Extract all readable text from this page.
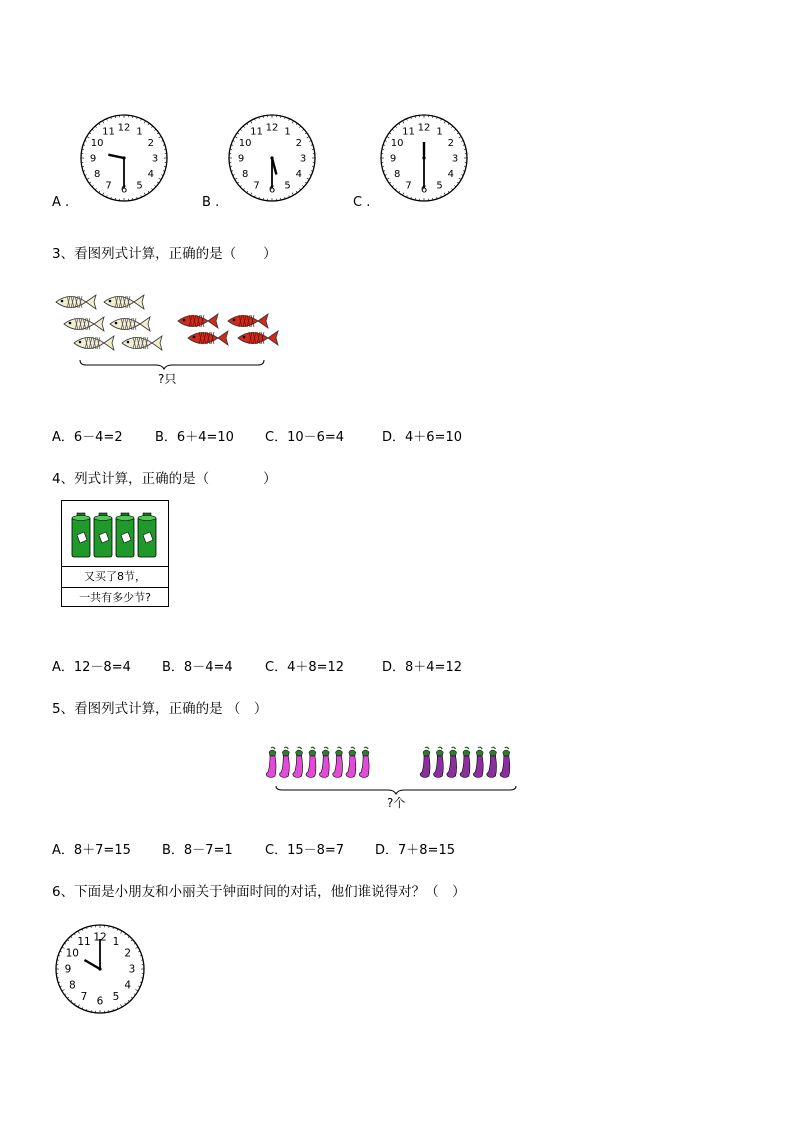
12 1
2
3
4
5
6
7
8
9
10
11
A .
12 1
2
3
4
5
6
7
8
9
10
11
B .
12 1
2
3
4
5
6
7
8
9
10
11
C .
3、看图列式计算，正确的是（　　）
?只
A．6－4=2 B．6＋4=10 C．10－6=4	D．4＋6=10
4、列式计算，正确的是（　　　　）
又买了8节，
一共有多少节?
A．12－8=4 B．8－4=4 C．4＋8=12	D．8＋4=12
5、看图列式计算，正确的是 （　）
?个
A．8＋7=15 B．8－7=1 C．15－8=7 D．7＋8=15
6、下面是小朋友和小丽关于钟面时间的对话，他们谁说得对？（　）
12 1
2
3
4
5
6
7
8
9
10
11
